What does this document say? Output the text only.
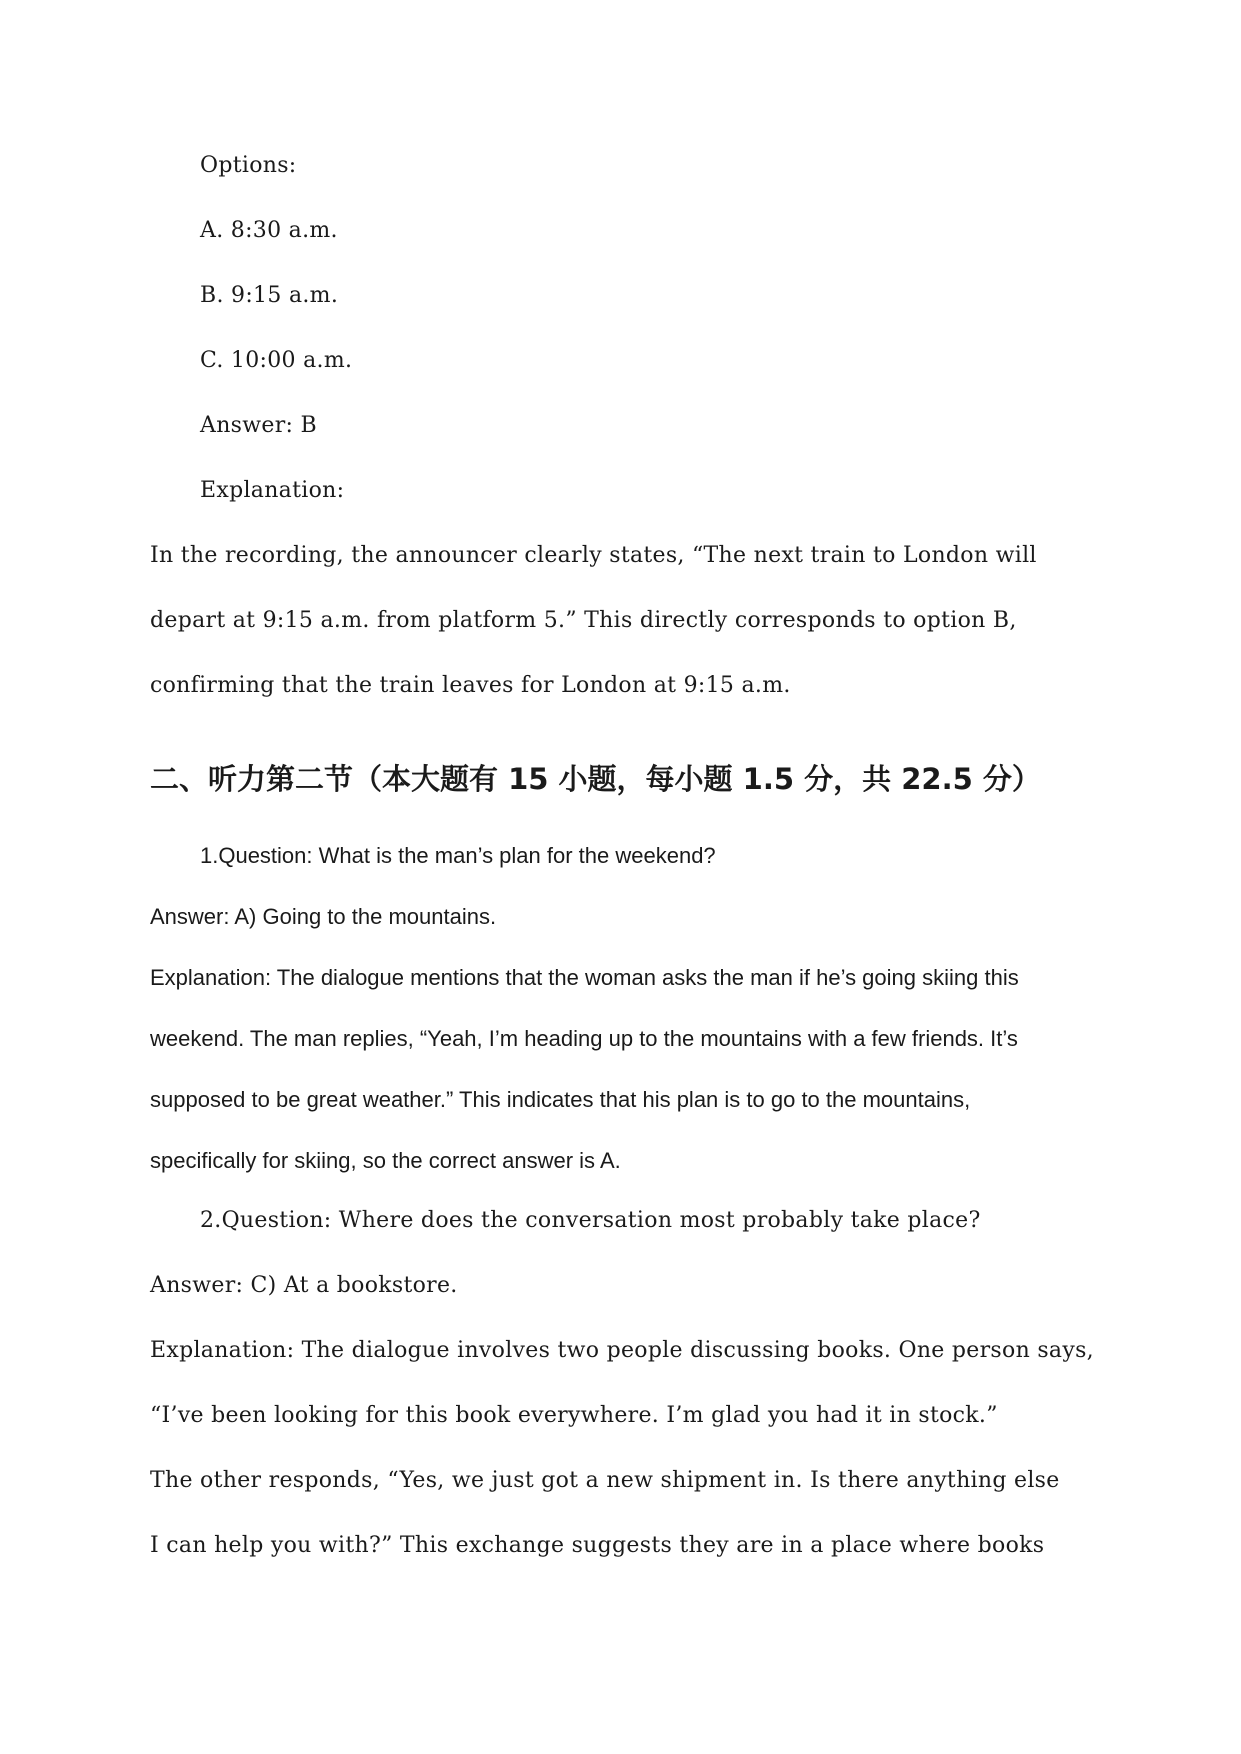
Options:

A. 8:30 a.m.

B. 9:15 a.m.

C. 10:00 a.m.

Answer: B

Explanation:

In the recording, the announcer clearly states, “The next train to London will

depart at 9:15 a.m. from platform 5.” This directly corresponds to option B,

confirming that the train leaves for London at 9:15 a.m.

二、听力第二节（本大题有 15 小题，每小题 1.5 分，共 22.5 分）

1.Question: What is the man’s plan for the weekend?

Answer: A) Going to the mountains.

Explanation: The dialogue mentions that the woman asks the man if he’s going skiing this

weekend. The man replies, “Yeah, I’m heading up to the mountains with a few friends. It’s

supposed to be great weather.” This indicates that his plan is to go to the mountains,

specifically for skiing, so the correct answer is A.

2.Question: Where does the conversation most probably take place?

Answer: C) At a bookstore.

Explanation: The dialogue involves two people discussing books. One person says,

“I’ve been looking for this book everywhere. I’m glad you had it in stock.”

The other responds, “Yes, we just got a new shipment in. Is there anything else

I can help you with?” This exchange suggests they are in a place where books
